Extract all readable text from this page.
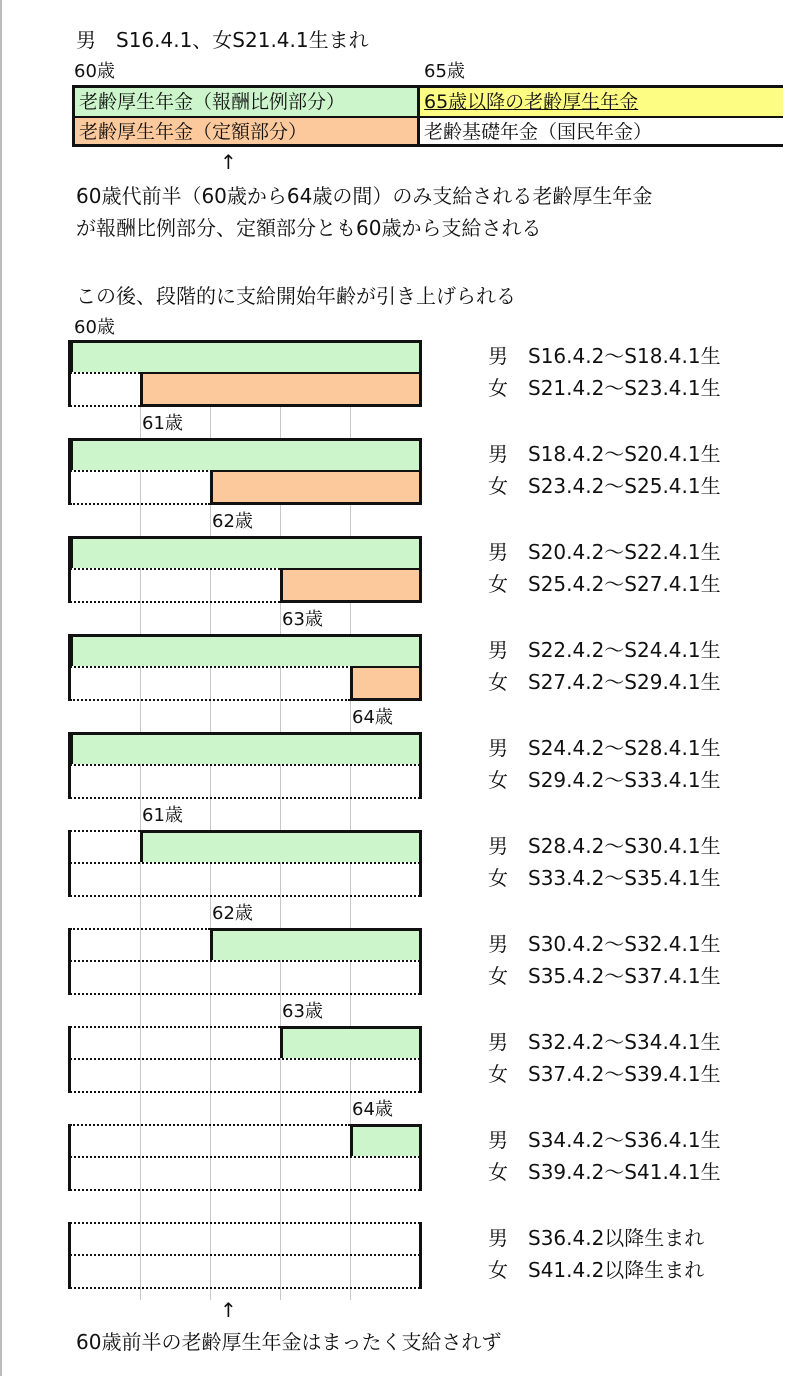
男　S16.4.1、女S21.4.1生まれ
60歳	65歳
老齢厚生年金（報酬比例部分）	65歳以降の老齢厚生年金
老齢厚生年金（定額部分）	老齢基礎年金（国民年金）
↑
60歳代前半（60歳から64歳の間）のみ支給される老齢厚生年金
が報酬比例部分、定額部分とも60歳から支給される
この後、段階的に支給開始年齢が引き上げられる
60歳
男　S16.4.2～S18.4.1生
女　S21.4.2～S23.4.1生
61歳
男　S18.4.2～S20.4.1生
女　S23.4.2～S25.4.1生
62歳
男　S20.4.2～S22.4.1生
女　S25.4.2～S27.4.1生
63歳
男　S22.4.2～S24.4.1生
女　S27.4.2～S29.4.1生
64歳
男　S24.4.2～S28.4.1生
女　S29.4.2～S33.4.1生
61歳
男　S28.4.2～S30.4.1生
女　S33.4.2～S35.4.1生
62歳
男　S30.4.2～S32.4.1生
女　S35.4.2～S37.4.1生
63歳
男　S32.4.2～S34.4.1生
女　S37.4.2～S39.4.1生
64歳
男　S34.4.2～S36.4.1生
女　S39.4.2～S41.4.1生
男　S36.4.2以降生まれ
女　S41.4.2以降生まれ
↑
60歳前半の老齢厚生年金はまったく支給されず
